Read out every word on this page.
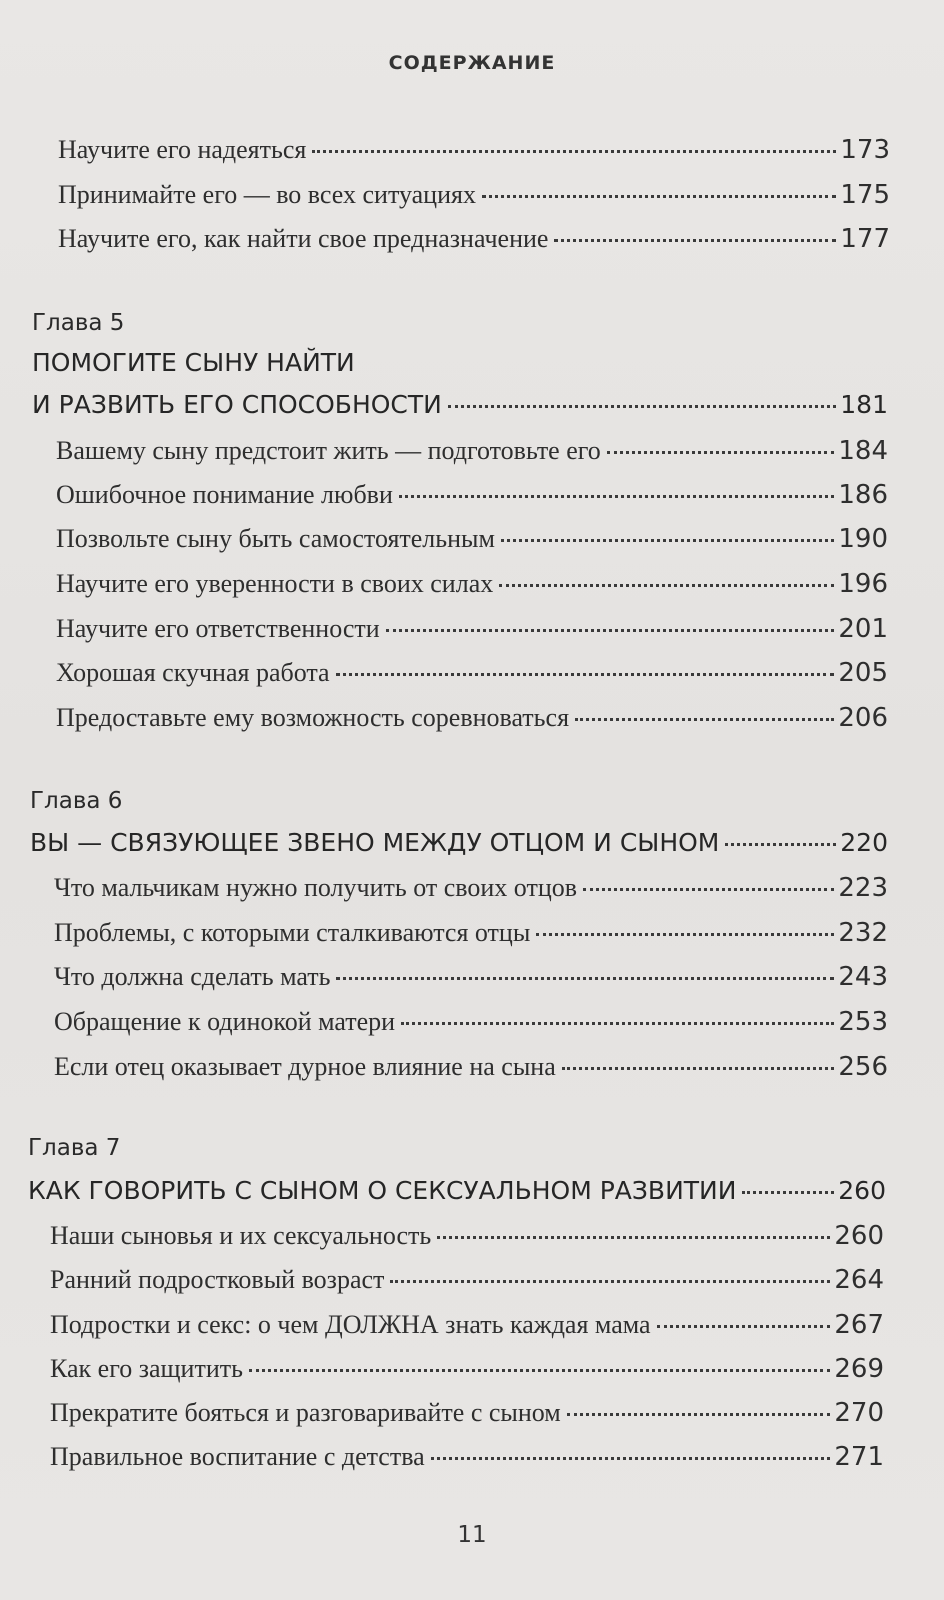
СОДЕРЖАНИЕ
Научите его надеяться	173
Принимайте его — во всех ситуациях	175
Научите его, как найти свое предназначение	177
Глава 5
ПОМОГИТЕ СЫНУ НАЙТИ
И РАЗВИТЬ ЕГО СПОСОБНОСТИ	181
Вашему сыну предстоит жить — подготовьте его	184
Ошибочное понимание любви	186
Позвольте сыну быть самостоятельным	190
Научите его уверенности в своих силах	196
Научите его ответственности	201
Хорошая скучная работа	205
Предоставьте ему возможность соревноваться	206
Глава 6
ВЫ — СВЯЗУЮЩЕЕ ЗВЕНО МЕЖДУ ОТЦОМ И СЫНОМ	220
Что мальчикам нужно получить от своих отцов	223
Проблемы, с которыми сталкиваются отцы	232
Что должна сделать мать	243
Обращение к одинокой матери	253
Если отец оказывает дурное влияние на сына	256
Глава 7
КАК ГОВОРИТЬ С СЫНОМ О СЕКСУАЛЬНОМ РАЗВИТИИ	260
Наши сыновья и их сексуальность	260
Ранний подростковый возраст	264
Подростки и секс: о чем ДОЛЖНА знать каждая мама	267
Как его защитить	269
Прекратите бояться и разговаривайте с сыном	270
Правильное воспитание с детства	271
11
